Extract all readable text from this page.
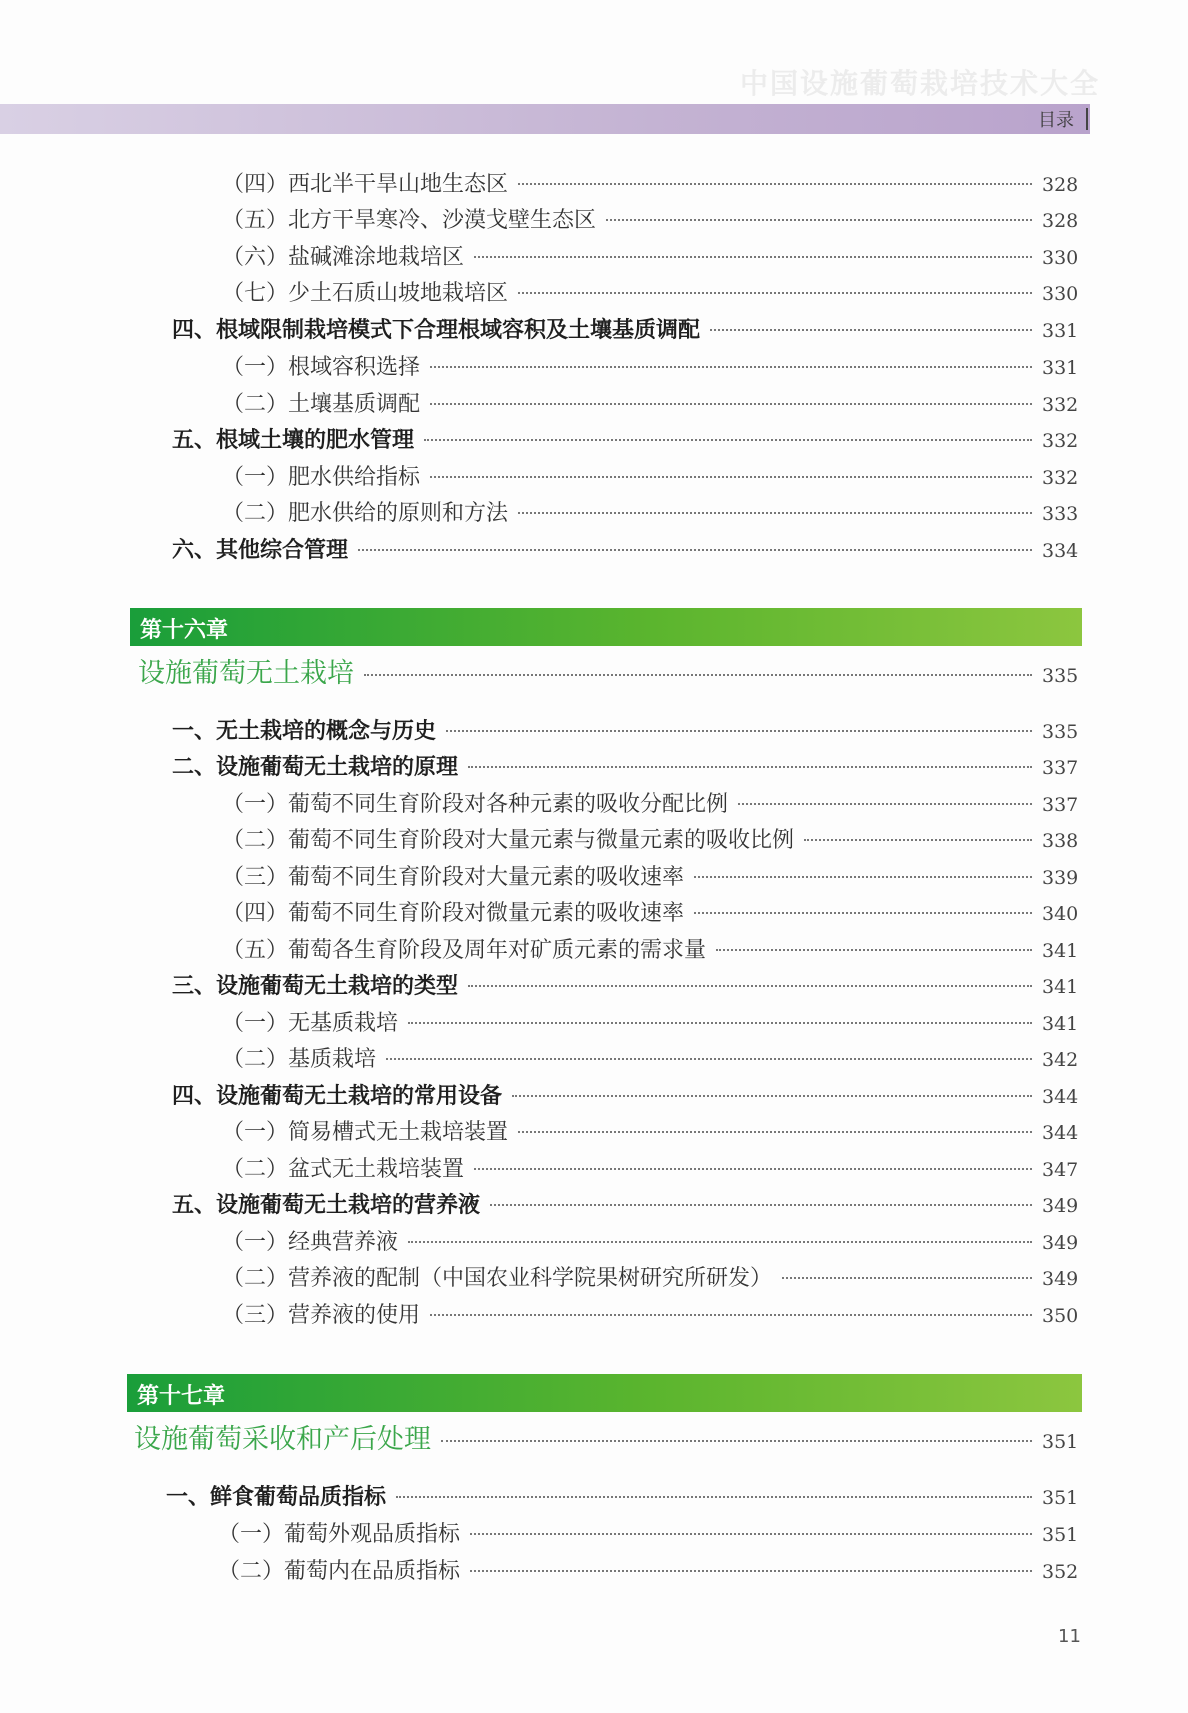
中国设施葡萄栽培技术大全
目录
（四）西北半干旱山地生态区	328
（五）北方干旱寒冷、沙漠戈壁生态区	328
（六）盐碱滩涂地栽培区	330
（七）少土石质山坡地栽培区	330
四、根域限制栽培模式下合理根域容积及土壤基质调配	331
（一）根域容积选择	331
（二）土壤基质调配	332
五、根域土壤的肥水管理	332
（一）肥水供给指标	332
（二）肥水供给的原则和方法	333
六、其他综合管理	334
第十六章
设施葡萄无土栽培	335
一、无土栽培的概念与历史	335
二、设施葡萄无土栽培的原理	337
（一）葡萄不同生育阶段对各种元素的吸收分配比例	337
（二）葡萄不同生育阶段对大量元素与微量元素的吸收比例	338
（三）葡萄不同生育阶段对大量元素的吸收速率	339
（四）葡萄不同生育阶段对微量元素的吸收速率	340
（五）葡萄各生育阶段及周年对矿质元素的需求量	341
三、设施葡萄无土栽培的类型	341
（一）无基质栽培	341
（二）基质栽培	342
四、设施葡萄无土栽培的常用设备	344
（一）简易槽式无土栽培装置	344
（二）盆式无土栽培装置	347
五、设施葡萄无土栽培的营养液	349
（一）经典营养液	349
（二）营养液的配制（中国农业科学院果树研究所研发）	349
（三）营养液的使用	350
第十七章
设施葡萄采收和产后处理	351
一、鲜食葡萄品质指标	351
（一）葡萄外观品质指标	351
（二）葡萄内在品质指标	352
11
